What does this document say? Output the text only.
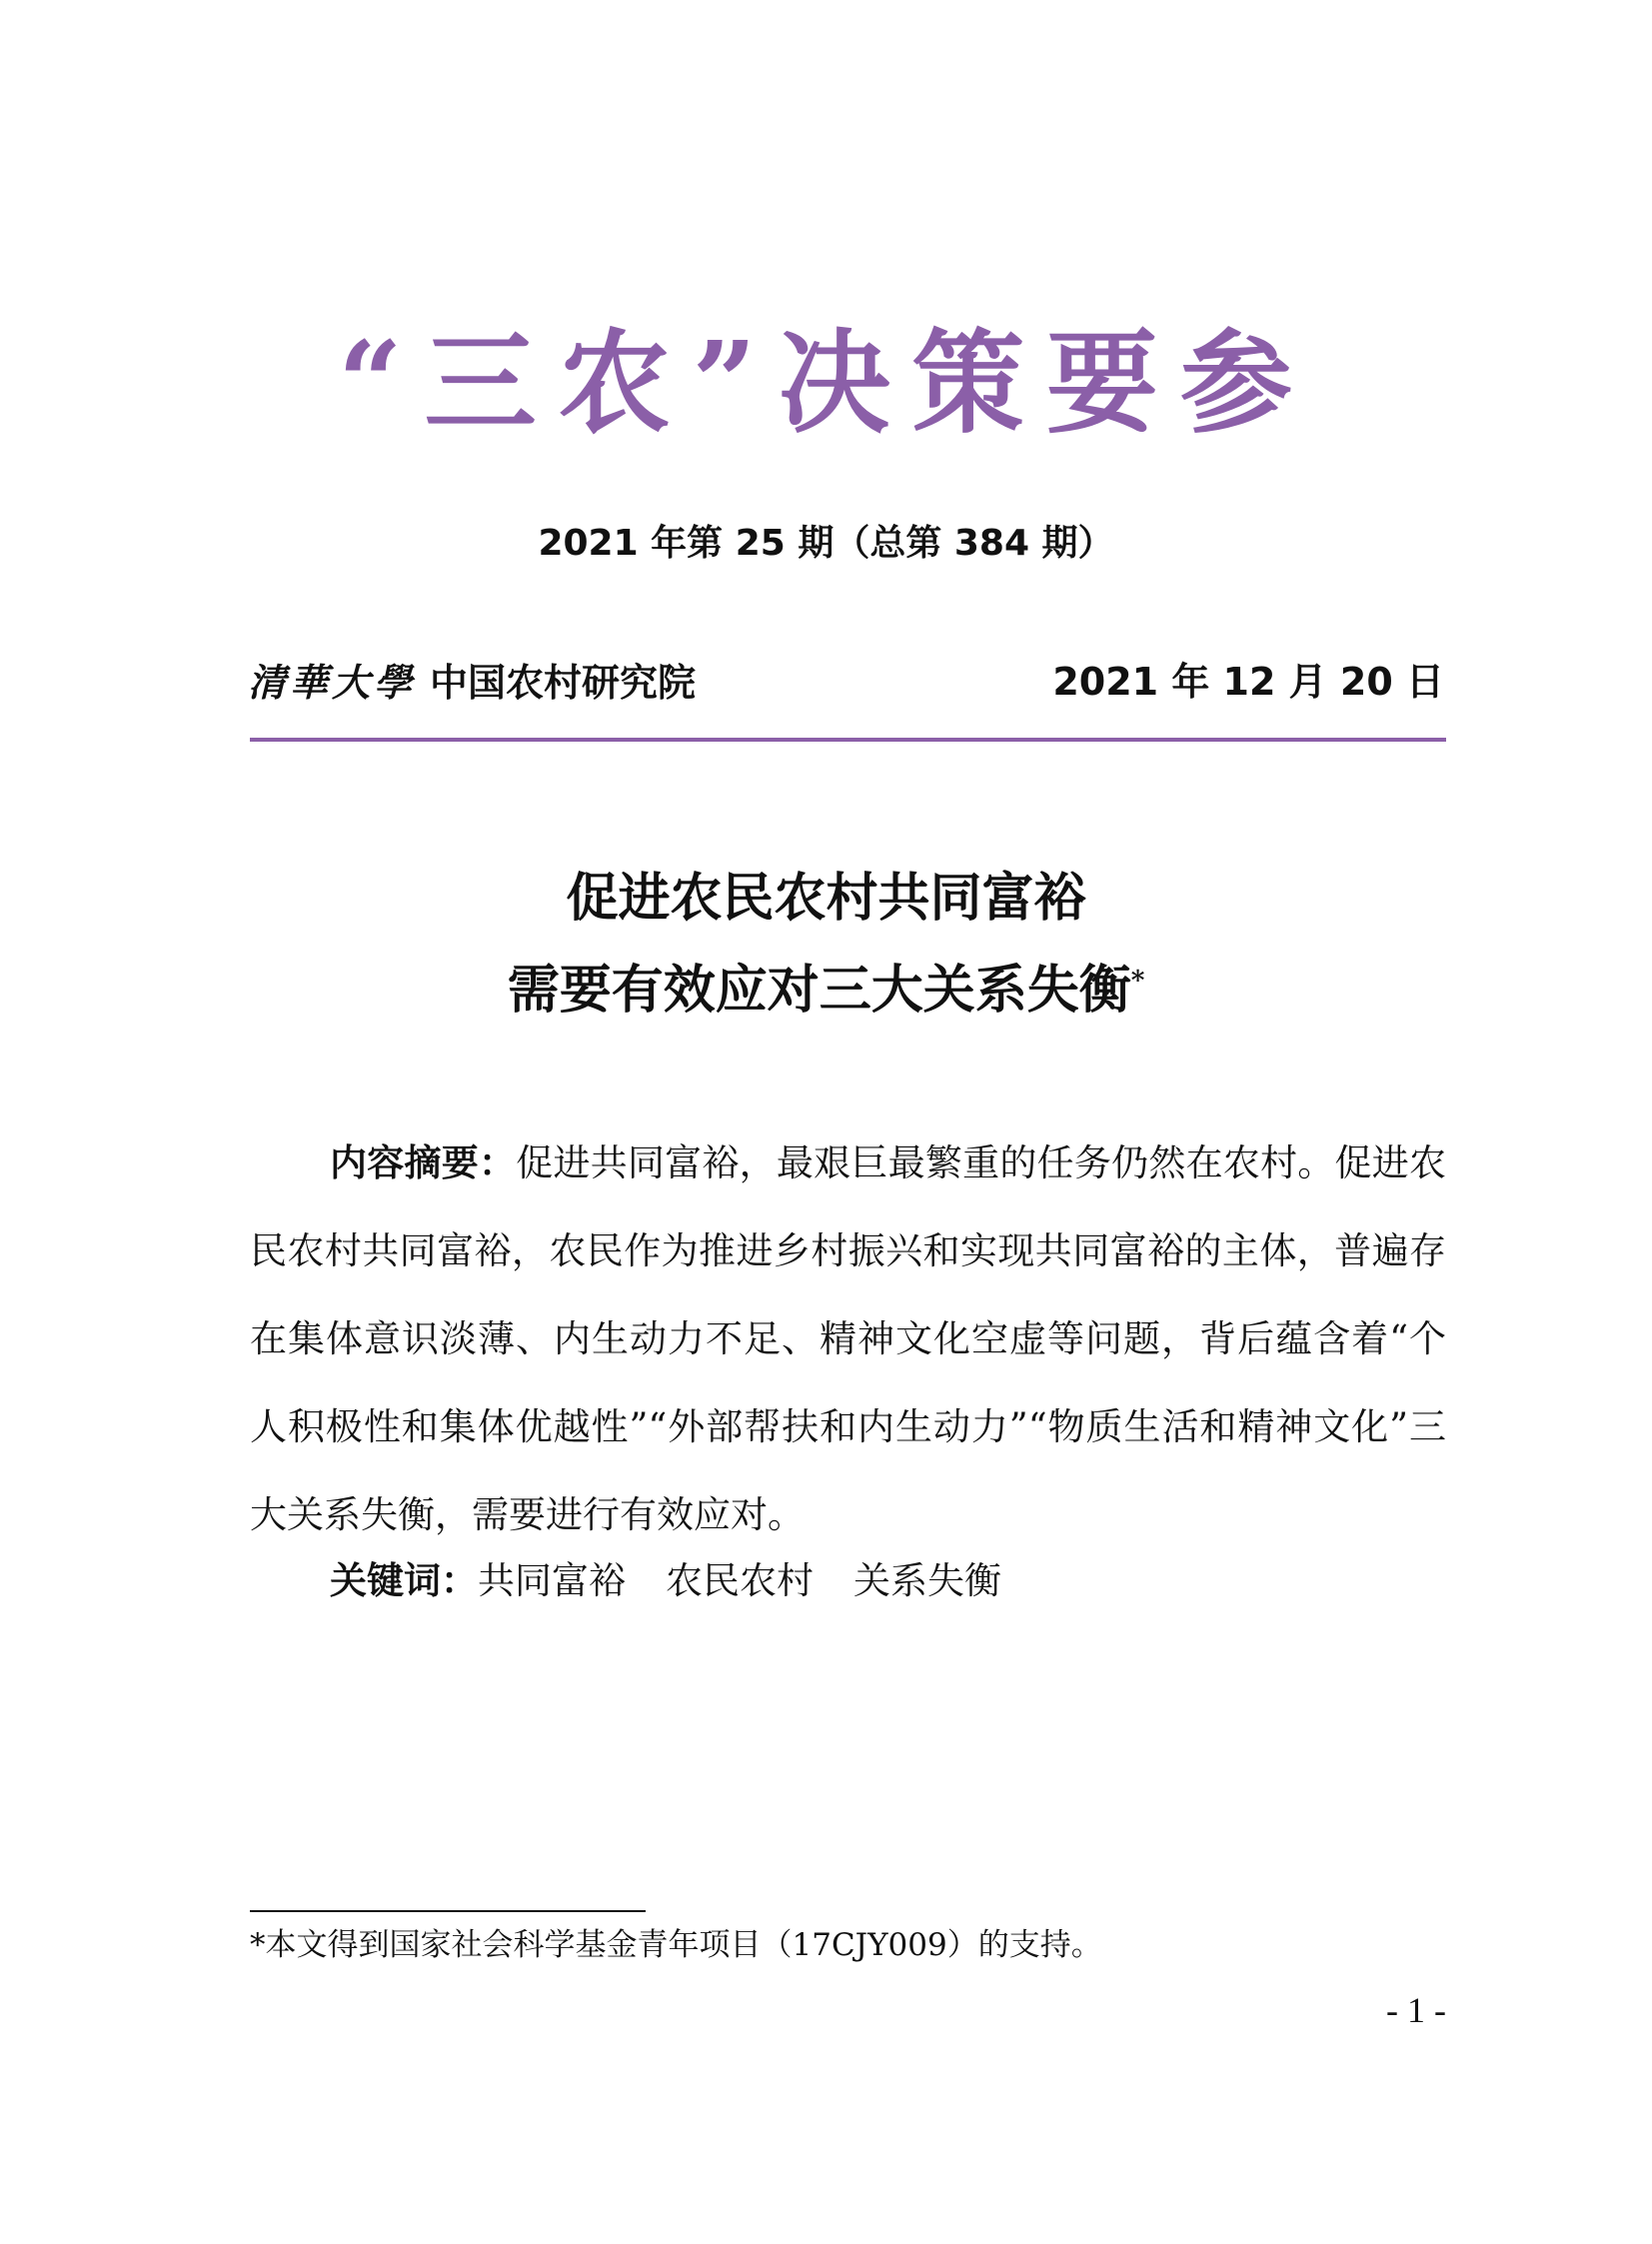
“三农”决策要参
2021 年第 25 期（总第 384 期）
清華大學 中国农村研究院	2021 年 12 月 20 日
促进农民农村共同富裕
需要有效应对三大关系失衡*
内容摘要：促进共同富裕，最艰巨最繁重的任务仍然在农村。促进农民农村共同富裕，农民作为推进乡村振兴和实现共同富裕的主体，普遍存在集体意识淡薄、内生动力不足、精神文化空虚等问题，背后蕴含着“个人积极性和集体优越性”“外部帮扶和内生动力”“物质生活和精神文化”三大关系失衡，需要进行有效应对。
关键词：共同富裕 农民农村 关系失衡
*本文得到国家社会科学基金青年项目（17CJY009）的支持。
- 1 -
